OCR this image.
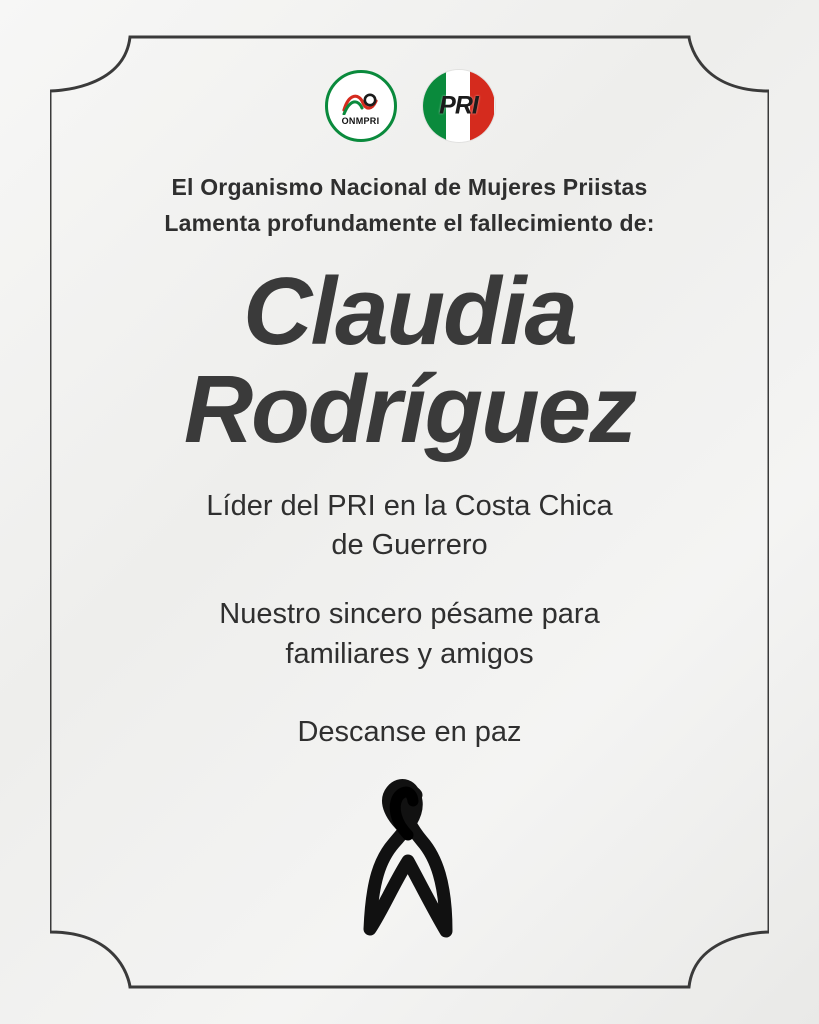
ONMPRI
PRI
El Organismo Nacional de Mujeres Priistas
Lamenta profundamente el fallecimiento de:
Claudia
Rodríguez
Líder del PRI en la Costa Chica
de Guerrero
Nuestro sincero pésame para
familiares y amigos
Descanse en paz
